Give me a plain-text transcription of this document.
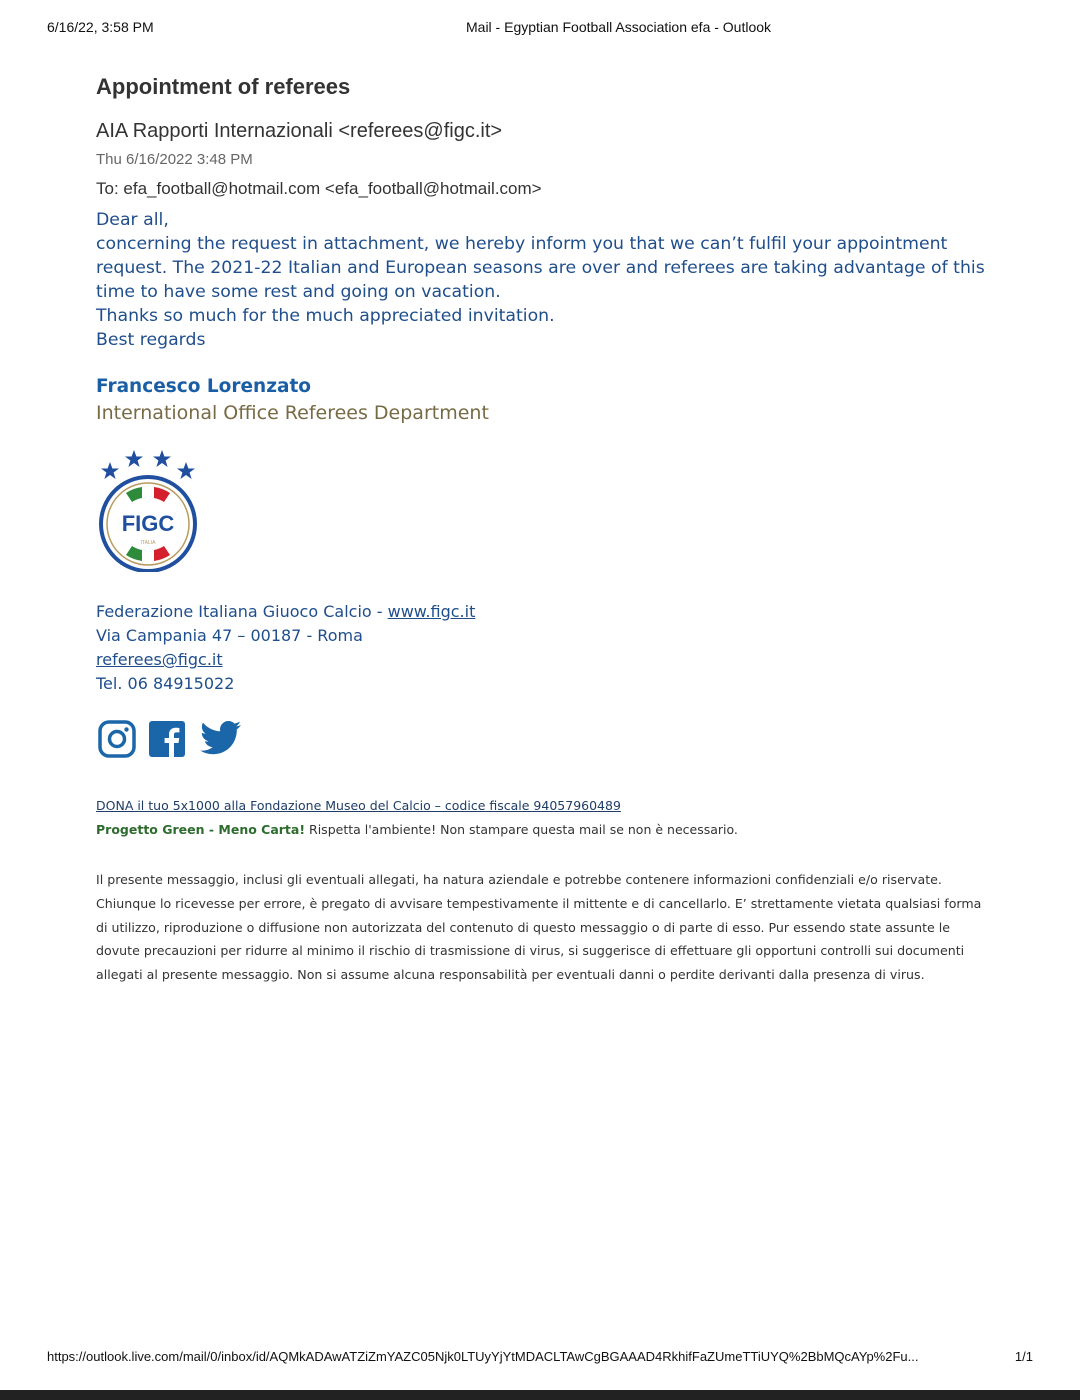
6/16/22, 3:58 PM	Mail - Egyptian Football Association efa - Outlook
Appointment of referees
AIA Rapporti Internazionali <referees@figc.it>
Thu 6/16/2022 3:48 PM
To: efa_football@hotmail.com <efa_football@hotmail.com>

Dear all,

concerning the request in attachment, we hereby inform you that we can’t fulfil your appointment request. The 2021-22 Italian and European seasons are over and referees are taking advantage of this time to have some rest and going on vacation.

Thanks so much for the much appreciated invitation.

Best regards

Francesco Lorenzato
International Office Referees Department
FIGC
ITALIA
Federazione Italiana Giuoco Calcio - www.figc.it
Via Campania 47 – 00187 - Roma
referees@figc.it
Tel. 06 84915022
DONA il tuo 5x1000 alla Fondazione Museo del Calcio – codice fiscale 94057960489
Progetto Green - Meno Carta! Rispetta l'ambiente! Non stampare questa mail se non è necessario.
Il presente messaggio, inclusi gli eventuali allegati, ha natura aziendale e potrebbe contenere informazioni confidenziali e/o riservate. Chiunque lo ricevesse per errore, è pregato di avvisare tempestivamente il mittente e di cancellarlo. E’ strettamente vietata qualsiasi forma di utilizzo, riproduzione o diffusione non autorizzata del contenuto di questo messaggio o di parte di esso. Pur essendo state assunte le dovute precauzioni per ridurre al minimo il rischio di trasmissione di virus, si suggerisce di effettuare gli opportuni controlli sui documenti allegati al presente messaggio. Non si assume alcuna responsabilità per eventuali danni o perdite derivanti dalla presenza di virus.
https://outlook.live.com/mail/0/inbox/id/AQMkADAwATZiZmYAZC05Njk0LTUyYjYtMDACLTAwCgBGAAAD4RkhifFaZUmeTTiUYQ%2BbMQcAYp%2Fu...	1/1
